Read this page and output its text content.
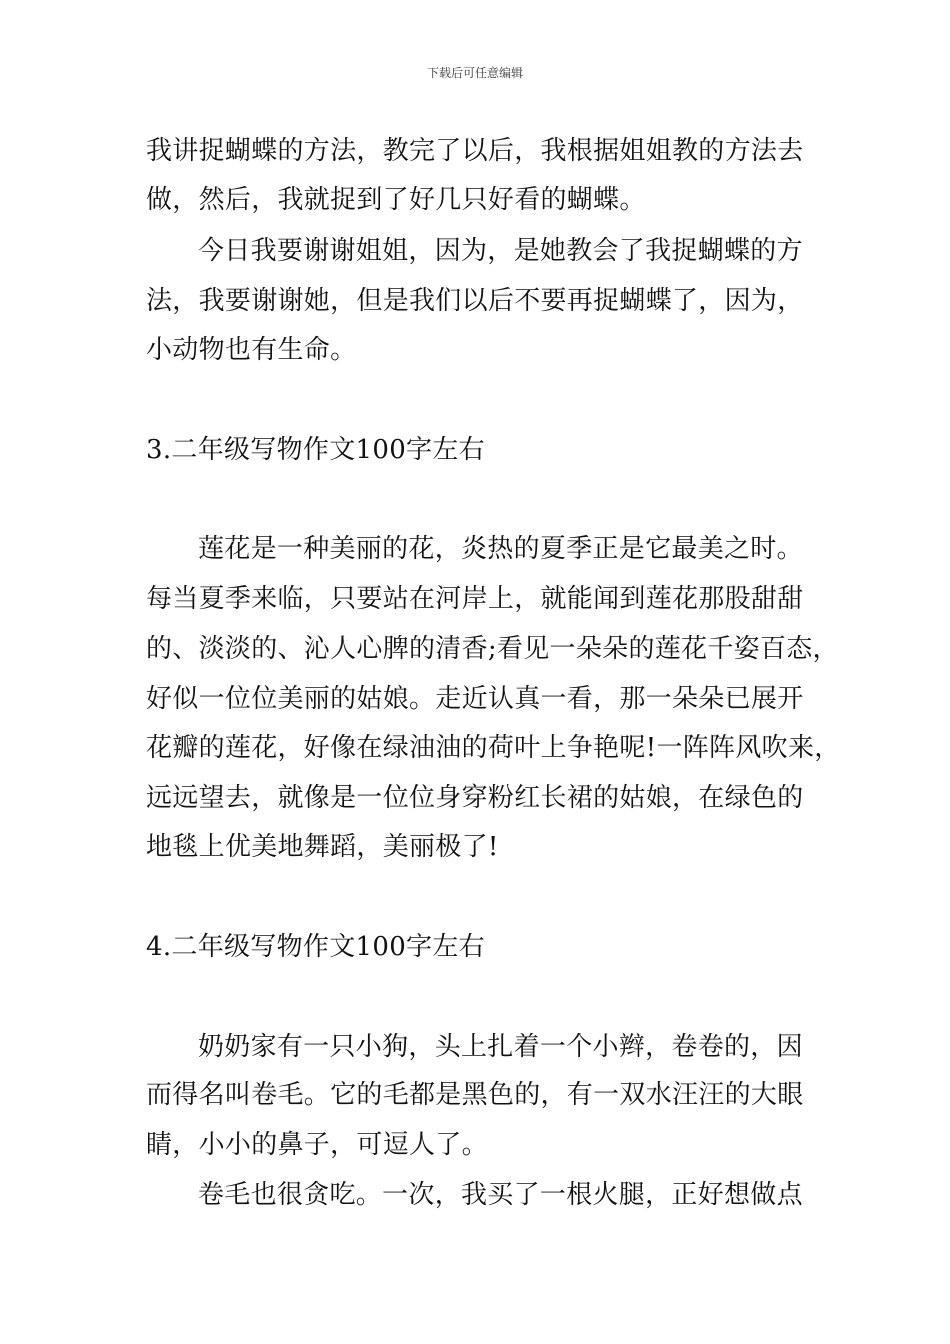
下载后可任意编辑
我讲捉蝴蝶的方法，教完了以后，我根据姐姐教的方法去
做，然后，我就捉到了好几只好看的蝴蝶。
今日我要谢谢姐姐，因为，是她教会了我捉蝴蝶的方
法，我要谢谢她，但是我们以后不要再捉蝴蝶了，因为，
小动物也有生命。
3.二年级写物作文100字左右
莲花是一种美丽的花，炎热的夏季正是它最美之时。
每当夏季来临，只要站在河岸上，就能闻到莲花那股甜甜
的、淡淡的、沁人心脾的清香;看见一朵朵的莲花千姿百态，
好似一位位美丽的姑娘。走近认真一看，那一朵朵已展开
花瓣的莲花，好像在绿油油的荷叶上争艳呢!一阵阵风吹来，
远远望去，就像是一位位身穿粉红长裙的姑娘，在绿色的
地毯上优美地舞蹈，美丽极了!
4.二年级写物作文100字左右
奶奶家有一只小狗，头上扎着一个小辫，卷卷的，因
而得名叫卷毛。它的毛都是黑色的，有一双水汪汪的大眼
睛，小小的鼻子，可逗人了。
卷毛也很贪吃。一次，我买了一根火腿，正好想做点
